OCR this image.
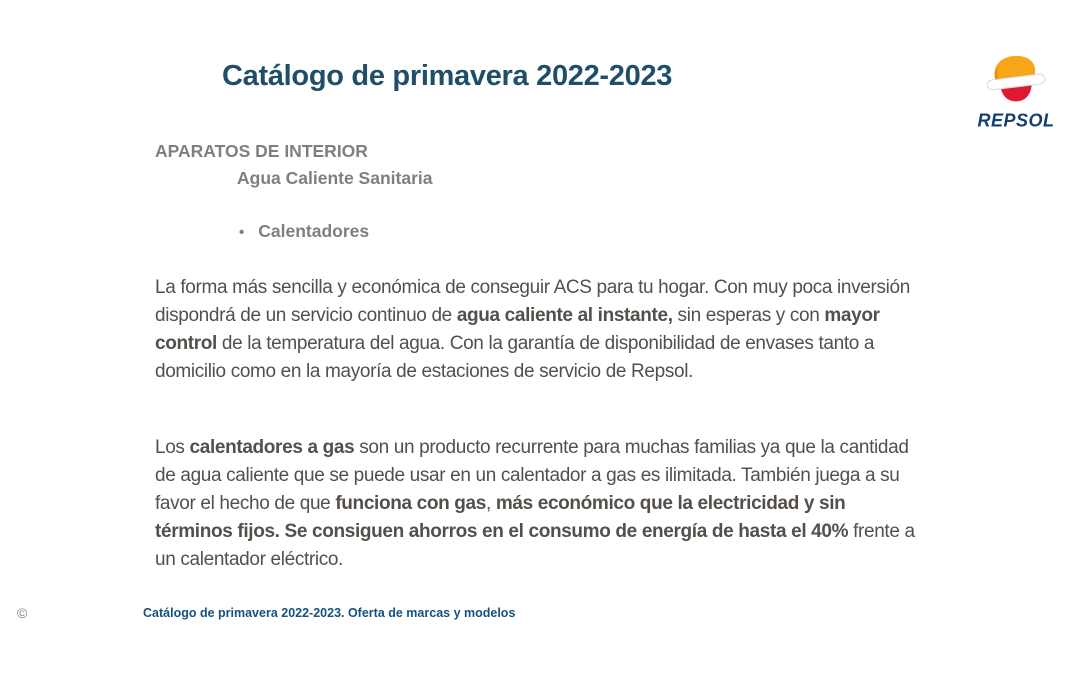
Catálogo de primavera 2022-2023
REPSOL
APARATOS DE INTERIOR
Agua Caliente Sanitaria
• Calentadores

La forma más sencilla y económica de conseguir ACS para tu hogar. Con muy poca inversión dispondrá de un servicio continuo de agua caliente al instante, sin esperas y con mayor control de la temperatura del agua. Con la garantía de disponibilidad de envases tanto a domicilio como en la mayoría de estaciones de servicio de Repsol.

Los calentadores a gas son un producto recurrente para muchas familias ya que la cantidad de agua caliente que se puede usar en un calentador a gas es ilimitada. También juega a su favor el hecho de que funciona con gas, más económico que la electricidad y sin términos fijos. Se consiguen ahorros en el consumo de energía de hasta el 40% frente a un calentador eléctrico.

©	Catálogo de primavera 2022-2023. Oferta de marcas y modelos
